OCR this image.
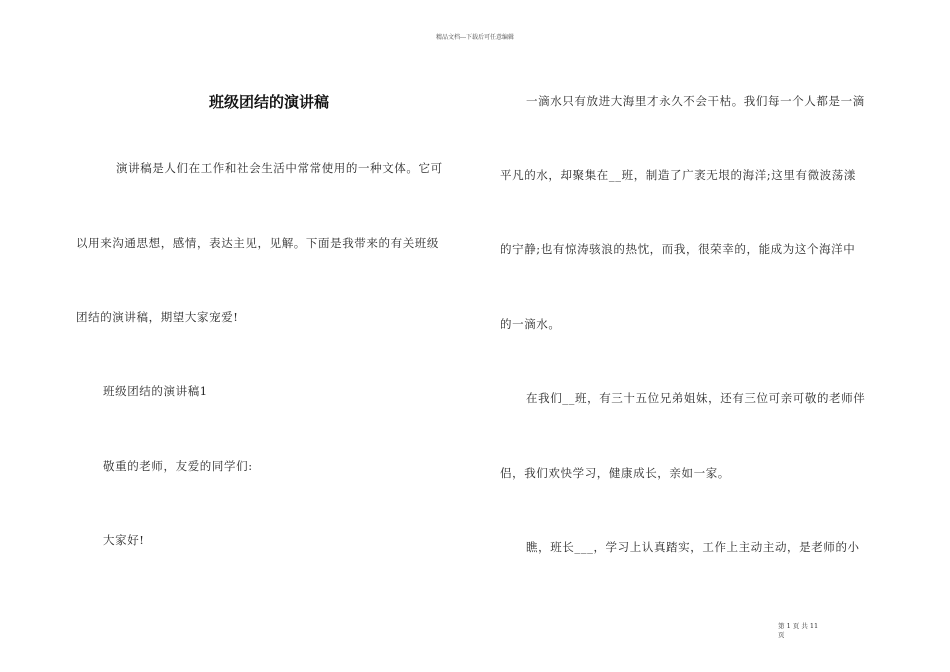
精品文档---下载后可任意编辑
班级团结的演讲稿
演讲稿是人们在工作和社会生活中常常使用的一种文体。它可
以用来沟通思想，感情，表达主见，见解。下面是我带来的有关班级
团结的演讲稿，期望大家宠爱!
班级团结的演讲稿1
敬重的老师，友爱的同学们:
大家好!
一滴水只有放进大海里才永久不会干枯。我们每一个人都是一滴
平凡的水，却聚集在__班，制造了广袤无垠的海洋;这里有微波荡漾
的宁静;也有惊涛骇浪的热忱，而我，很荣幸的，能成为这个海洋中
的一滴水。
在我们__班，有三十五位兄弟姐妹，还有三位可亲可敬的老师伴
侣，我们欢快学习，健康成长，亲如一家。
瞧，班长___，学习上认真踏实，工作上主动主动，是老师的小
第 1 页 共 11
页
